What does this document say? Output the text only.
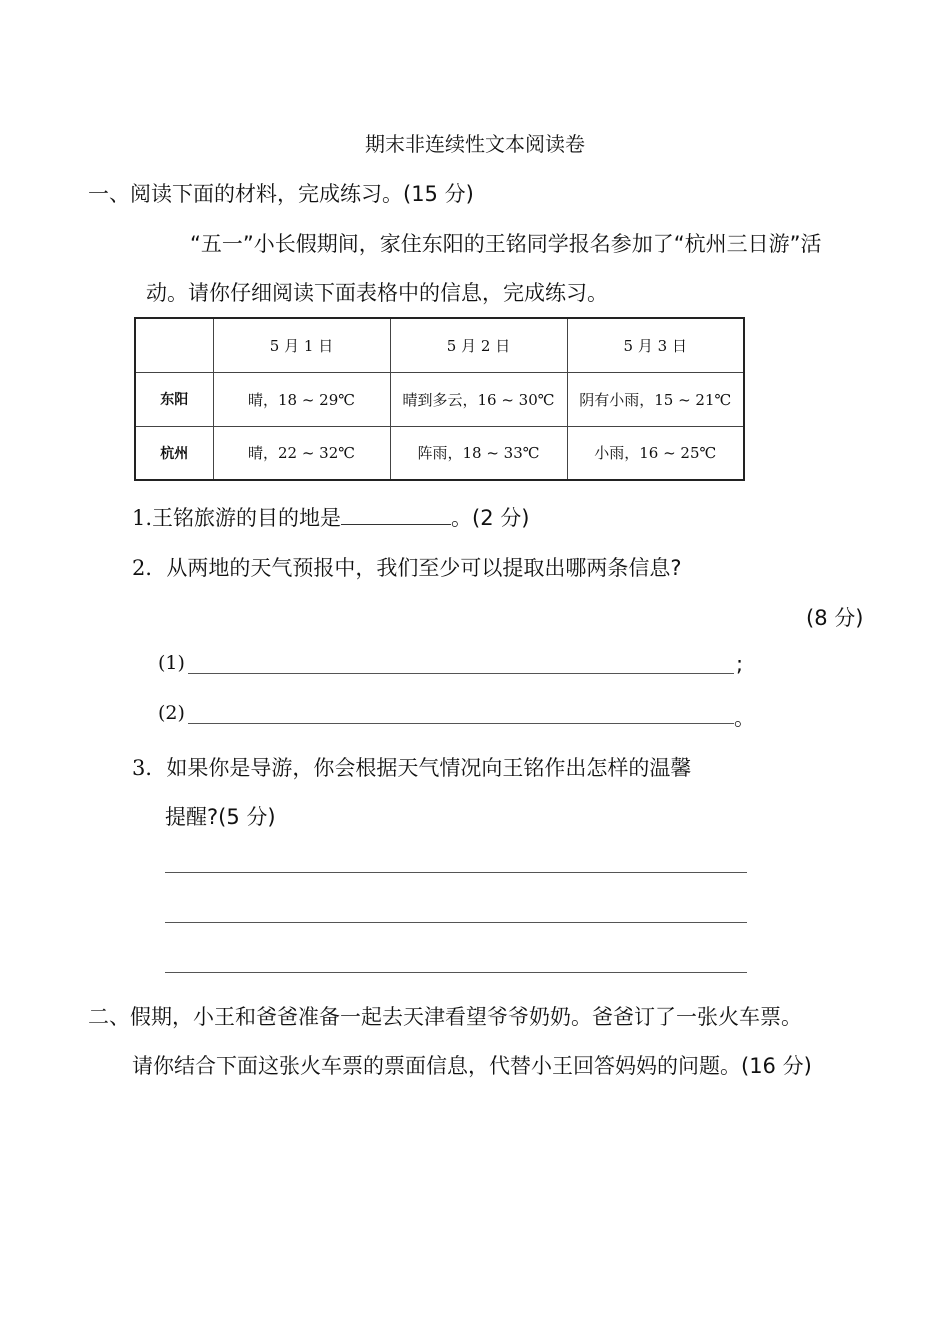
期末非连续性文本阅读卷
一、阅读下面的材料，完成练习。(15 分)
“五一”小长假期间，家住东阳的王铭同学报名参加了“杭州三日游”活
动。请你仔细阅读下面表格中的信息，完成练习。
	5 月 1 日	5 月 2 日	5 月 3 日
东阳	晴，18 ~ 29℃	晴到多云，16 ~ 30℃	阴有小雨，15 ~ 21℃
杭州	晴，22 ~ 32℃	阵雨，18 ~ 33℃	小雨，16 ~ 25℃
1.王铭旅游的目的地是	。(2 分)
2．从两地的天气预报中，我们至少可以提取出哪两条信息?
(8 分)
(1)	;
(2)	。
3．如果你是导游，你会根据天气情况向王铭作出怎样的温馨
提醒?(5 分)
二、假期，小王和爸爸准备一起去天津看望爷爷奶奶。爸爸订了一张火车票。
请你结合下面这张火车票的票面信息，代替小王回答妈妈的问题。(16 分)
